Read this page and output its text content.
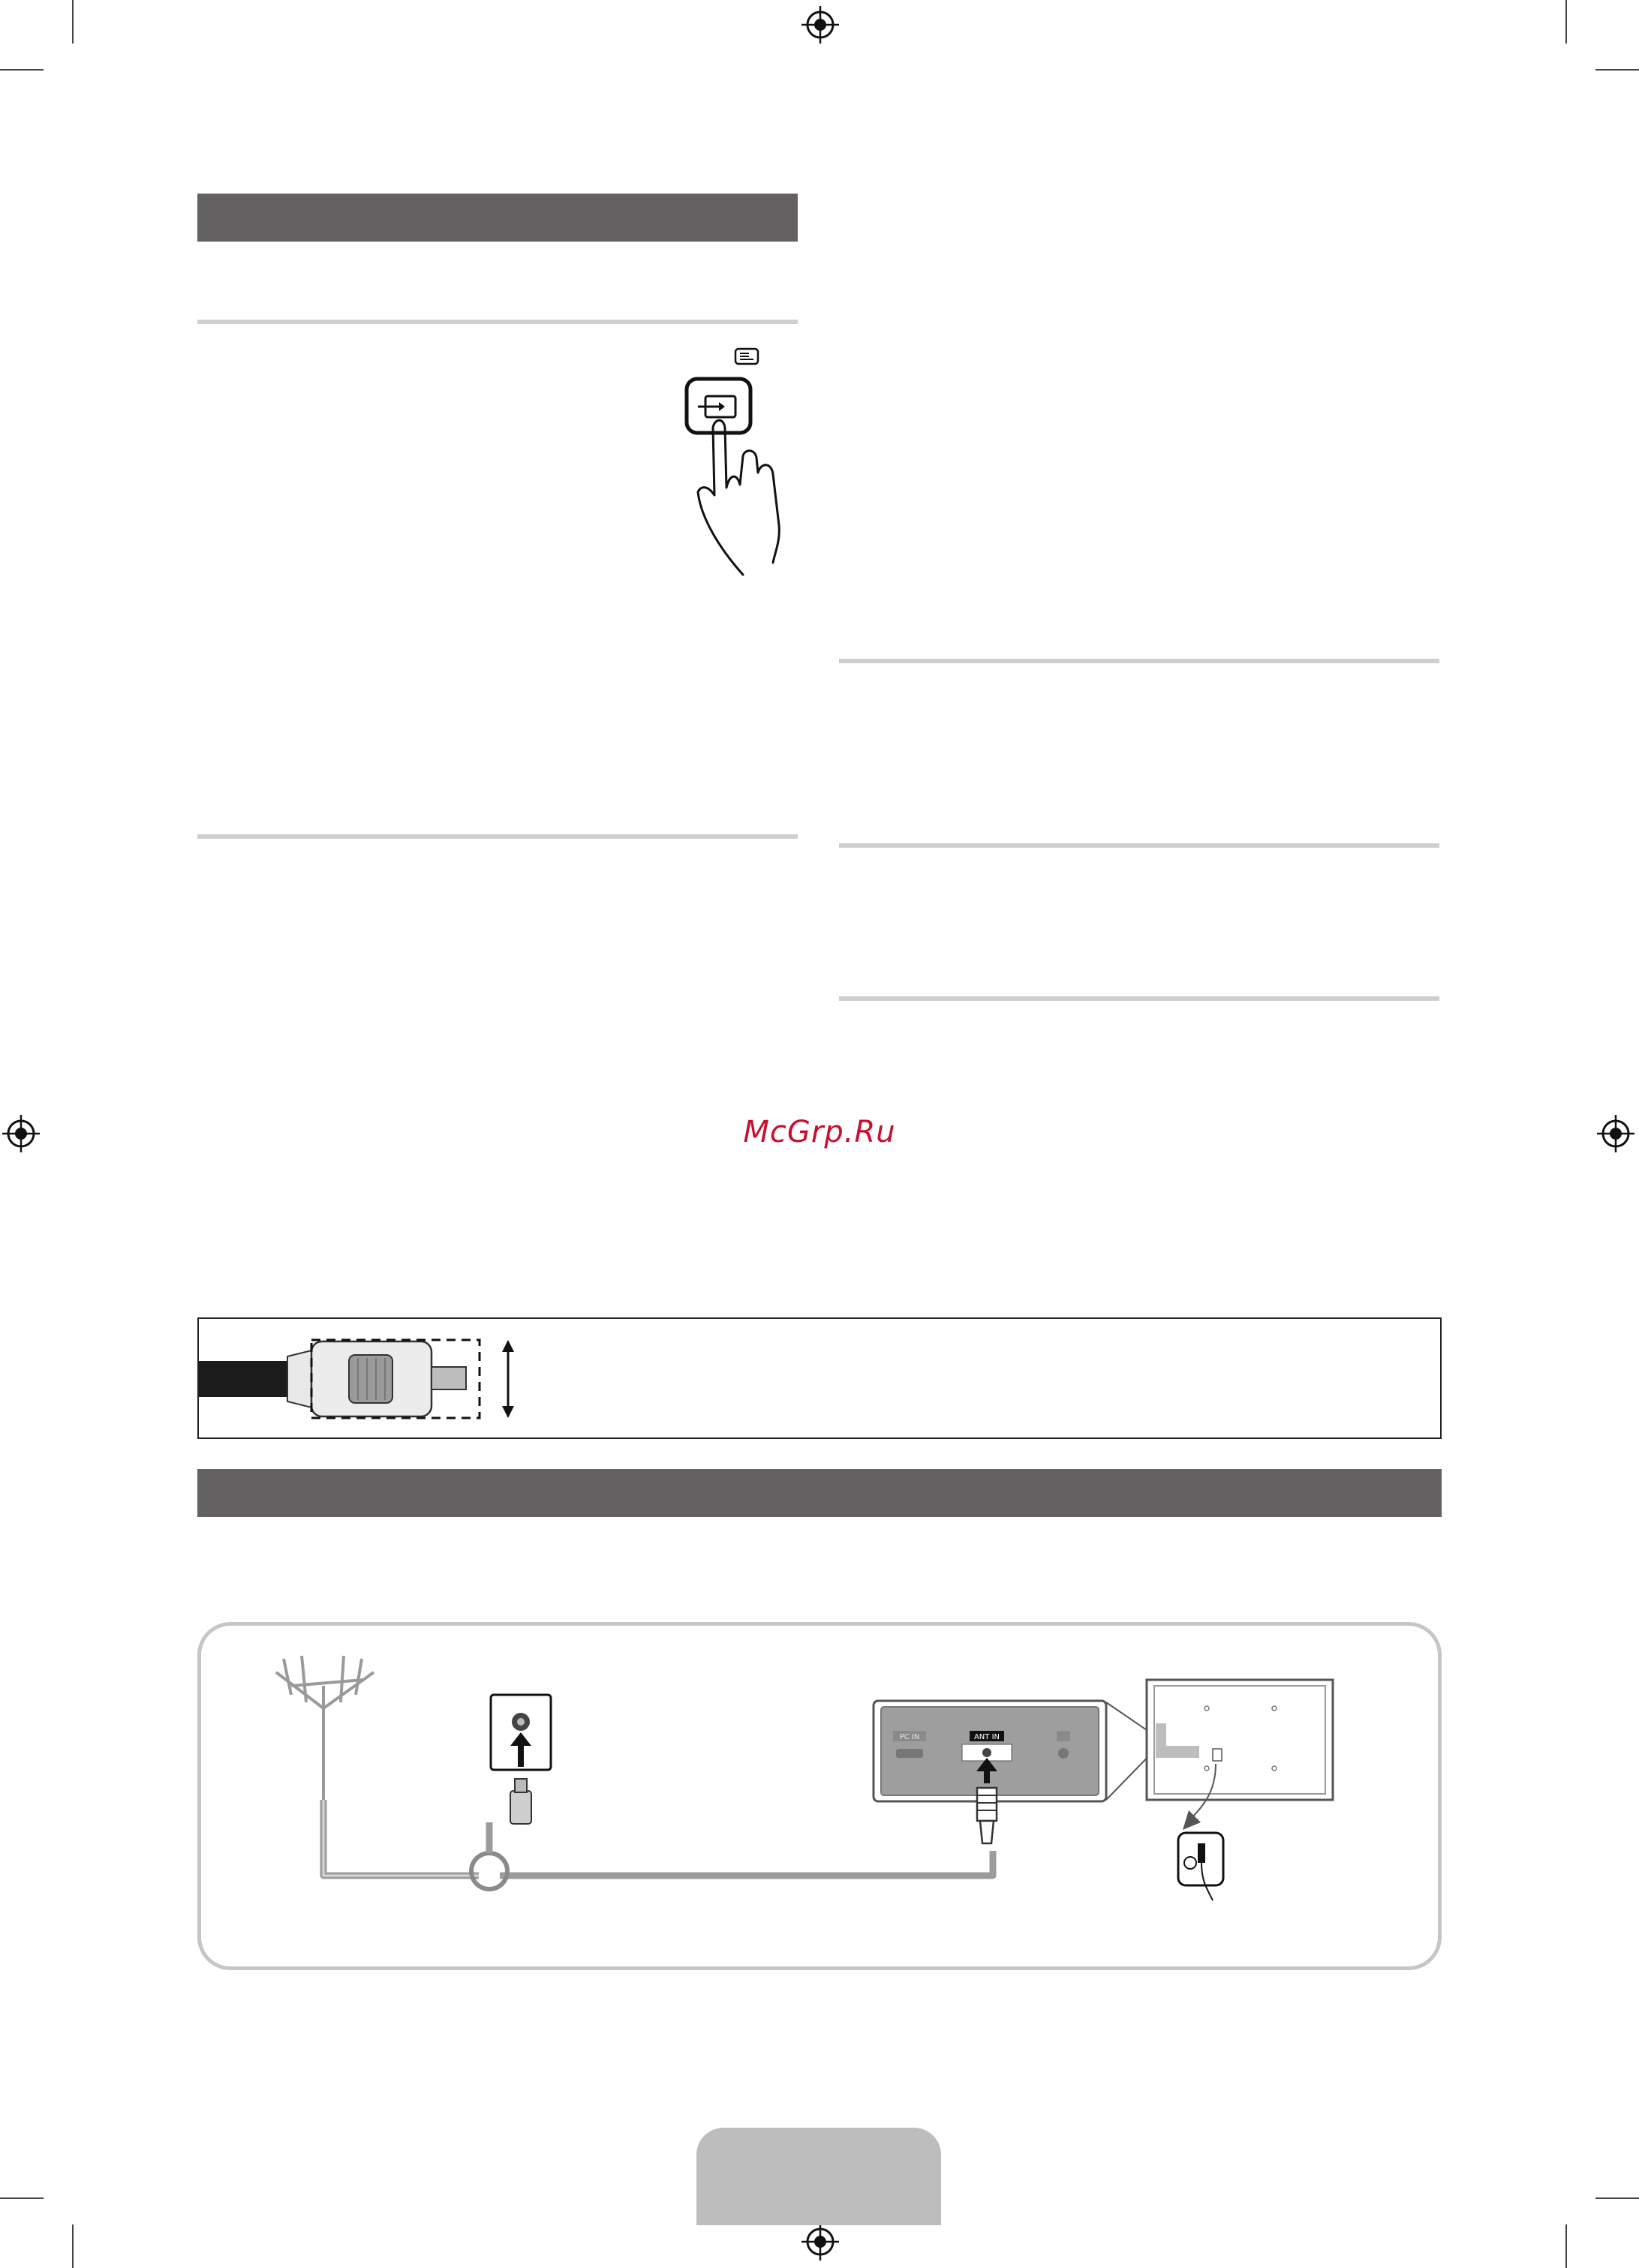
McGrp.Ru
PC IN	ANT IN
